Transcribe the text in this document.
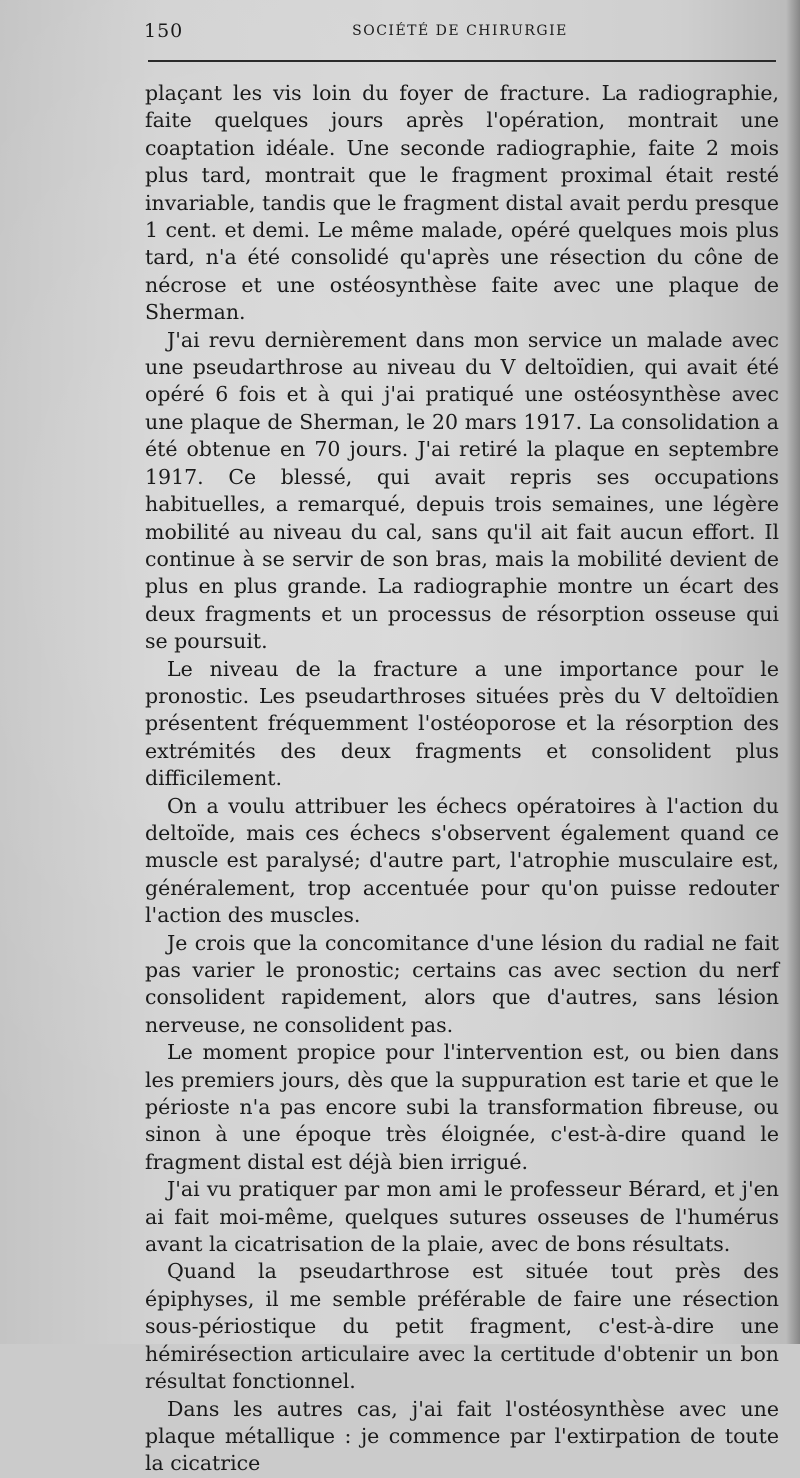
150	SOCIÉTÉ DE CHIRURGIE

plaçant les vis loin du foyer de fracture. La radiographie, faite quelques jours après l'opération, montrait une coaptation idéale. Une seconde radiographie, faite 2 mois plus tard, montrait que le fragment proximal était resté invariable, tandis que le fragment distal avait perdu presque 1 cent. et demi. Le même malade, opéré quelques mois plus tard, n'a été consolidé qu'après une résection du cône de nécrose et une ostéosynthèse faite avec une plaque de Sherman.

J'ai revu dernièrement dans mon service un malade avec une pseudarthrose au niveau du V deltoïdien, qui avait été opéré 6 fois et à qui j'ai pratiqué une ostéosynthèse avec une plaque de Sherman, le 20 mars 1917. La consolidation a été obtenue en 70 jours. J'ai retiré la plaque en septembre 1917. Ce blessé, qui avait repris ses occupations habituelles, a remarqué, depuis trois semaines, une légère mobilité au niveau du cal, sans qu'il ait fait aucun effort. Il continue à se servir de son bras, mais la mobilité devient de plus en plus grande. La radiographie montre un écart des deux fragments et un processus de résorption osseuse qui se poursuit.

Le niveau de la fracture a une importance pour le pronostic. Les pseudarthroses situées près du V deltoïdien présentent fréquemment l'ostéoporose et la résorption des extrémités des deux fragments et consolident plus difficilement.

On a voulu attribuer les échecs opératoires à l'action du deltoïde, mais ces échecs s'observent également quand ce muscle est paralysé; d'autre part, l'atrophie musculaire est, généralement, trop accentuée pour qu'on puisse redouter l'action des muscles.

Je crois que la concomitance d'une lésion du radial ne fait pas varier le pronostic; certains cas avec section du nerf consolident rapidement, alors que d'autres, sans lésion nerveuse, ne consolident pas.

Le moment propice pour l'intervention est, ou bien dans les premiers jours, dès que la suppuration est tarie et que le périoste n'a pas encore subi la transformation fibreuse, ou sinon à une époque très éloignée, c'est-à-dire quand le fragment distal est déjà bien irrigué.

J'ai vu pratiquer par mon ami le professeur Bérard, et j'en ai fait moi-même, quelques sutures osseuses de l'humérus avant la cicatrisation de la plaie, avec de bons résultats.

Quand la pseudarthrose est située tout près des épiphyses, il me semble préférable de faire une résection sous-périostique du petit fragment, c'est-à-dire une hémirésection articulaire avec la certitude d'obtenir un bon résultat fonctionnel.

Dans les autres cas, j'ai fait l'ostéosynthèse avec une plaque métallique : je commence par l'extirpation de toute la cicatrice
